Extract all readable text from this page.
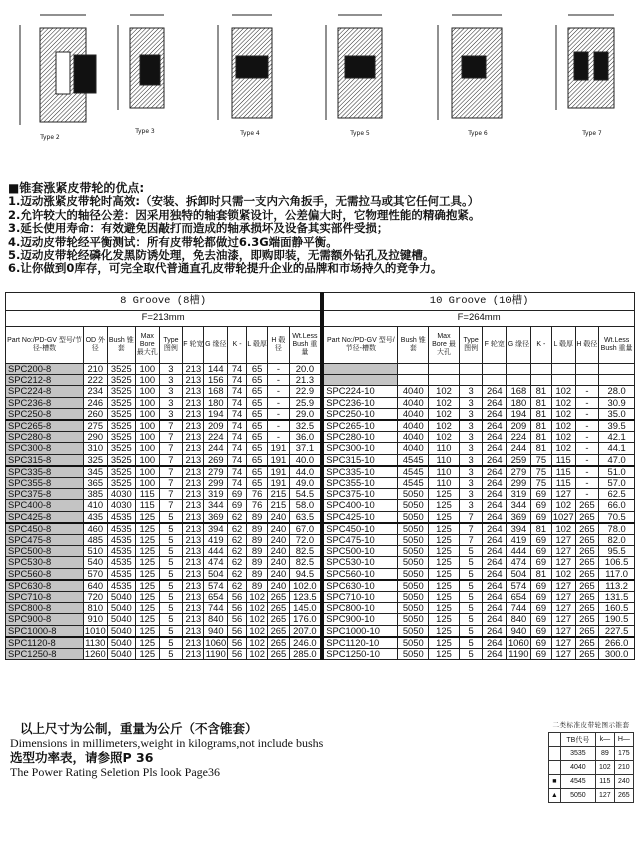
Type 2
Type 3	Type 4	Type 5	Type 6	Type 7
■锥套涨紧皮带轮的优点:
1.迈动涨紧皮带轮时高效:（安装、拆卸时只需一支内六角扳手，无需拉马或其它任何工具。）
2.允许较大的轴径公差：因采用独特的轴套锁紧设计，公差偏大时，它物理性能的精确抱紧。
3.延长使用寿命：有效避免因敲打而造成的轴承损坏及设备其实部件受损；
4.迈动皮带轮经平衡测试：所有皮带轮都做过6.3G端面静平衡。
5.迈动皮带轮经磷化发黑防诱处理，免去油漆，即购即装，无需额外钻孔及拉键槽。
6.让你做到0库存，可完全取代普通直孔皮带轮提升企业的品牌和市场持久的竞争力。
8 Groove (8槽)											10 Groove (10槽)									
F=213mm											F=264mm									
Part No:/PD-GV 型号/节径-槽数	OD 外径	Bush 锥套	Max Bore 最大孔	Type 图例	F 轮宽	G 缘径	K -	L 毂厚	H 毂径	Wt.Less Bush 重量	Part No:/PD-GV 型号/节径-槽数	Bush 锥套	Max Bore 最大孔	Type 图例	F 轮宽	G 缘径	K -	L 毂厚	H 毂径	Wt.Less Bush 重量
SPC200-8	210	3525	100	3	213	144	74	65	-	20.0										
SPC212-8	222	3525	100	3	213	156	74	65	-	21.3										
SPC224-8	234	3525	100	3	213	168	74	65	-	22.9	SPC224-10	4040	102	3	264	168	81	102	-	28.0
SPC236-8	246	3525	100	3	213	180	74	65	-	25.9	SPC236-10	4040	102	3	264	180	81	102	-	30.9
SPC250-8	260	3525	100	3	213	194	74	65	-	29.0	SPC250-10	4040	102	3	264	194	81	102	-	35.0
SPC265-8	275	3525	100	7	213	209	74	65	-	32.5	SPC265-10	4040	102	3	264	209	81	102	-	39.5
SPC280-8	290	3525	100	7	213	224	74	65	-	36.0	SPC280-10	4040	102	3	264	224	81	102	-	42.1
SPC300-8	310	3525	100	7	213	244	74	65	191	37.1	SPC300-10	4040	110	3	264	244	81	102	-	44.1
SPC315-8	325	3525	100	7	213	269	74	65	191	40.0	SPC315-10	4545	110	3	264	259	75	115	-	47.0
SPC335-8	345	3525	100	7	213	279	74	65	191	44.0	SPC335-10	4545	110	3	264	279	75	115	-	51.0
SPC355-8	365	3525	100	7	213	299	74	65	191	49.0	SPC355-10	4545	110	3	264	299	75	115	-	57.0
SPC375-8	385	4030	115	7	213	319	69	76	215	54.5	SPC375-10	5050	125	3	264	319	69	127	-	62.5
SPC400-8	410	4030	115	7	213	344	69	76	215	58.0	SPC400-10	5050	125	3	264	344	69	102	265	66.0
SPC425-8	435	4535	125	5	213	369	62	89	240	63.5	SPC425-10	5050	125	7	264	369	69	1027	265	70.5
SPC450-8	460	4535	125	5	213	394	62	89	240	67.0	SPC450-10	5050	125	7	264	394	81	102	265	78.0
SPC475-8	485	4535	125	5	213	419	62	89	240	72.0	SPC475-10	5050	125	7	264	419	69	127	265	82.0
SPC500-8	510	4535	125	5	213	444	62	89	240	82.5	SPC500-10	5050	125	5	264	444	69	127	265	95.5
SPC530-8	540	4535	125	5	213	474	62	89	240	82.5	SPC530-10	5050	125	5	264	474	69	127	265	106.5
SPC560-8	570	4535	125	5	213	504	62	89	240	94.5	SPC560-10	5050	125	5	264	504	81	102	265	117.0
SPC630-8	640	4535	125	5	213	574	62	89	240	102.0	SPC630-10	5050	125	5	264	574	69	127	265	113.2
SPC710-8	720	5040	125	5	213	654	56	102	265	123.5	SPC710-10	5050	125	5	264	654	69	127	265	131.5
SPC800-8	810	5040	125	5	213	744	56	102	265	145.0	SPC800-10	5050	125	5	264	744	69	127	265	160.5
SPC900-8	910	5040	125	5	213	840	56	102	265	176.0	SPC900-10	5050	125	5	264	840	69	127	265	190.5
SPC1000-8	1010	5040	125	5	213	940	56	102	265	207.0	SPC1000-10	5050	125	5	264	940	69	127	265	227.5
SPC1120-8	1130	5040	125	5	213	1060	56	102	265	246.0	SPC1120-10	5050	125	5	264	1060	69	127	265	266.0
SPC1250-8	1260	5040	125	5	213	1190	56	102	265	285.0	SPC1250-10	5050	125	5	264	1190	69	127	265	300.0
二类标准皮带轮图示锥套
	TB代号	k—	H—
	3535	89	175
	4040	102	210
■	4545	115	240
▲	5050	127	265
以上尺寸为公制，重量为公斤（不含锥套）
Dimensions in millimeters,weight in kilograms,not include bushs
选型功率表，请参照P 36
The Power Rating Seletion Pls look Page36
